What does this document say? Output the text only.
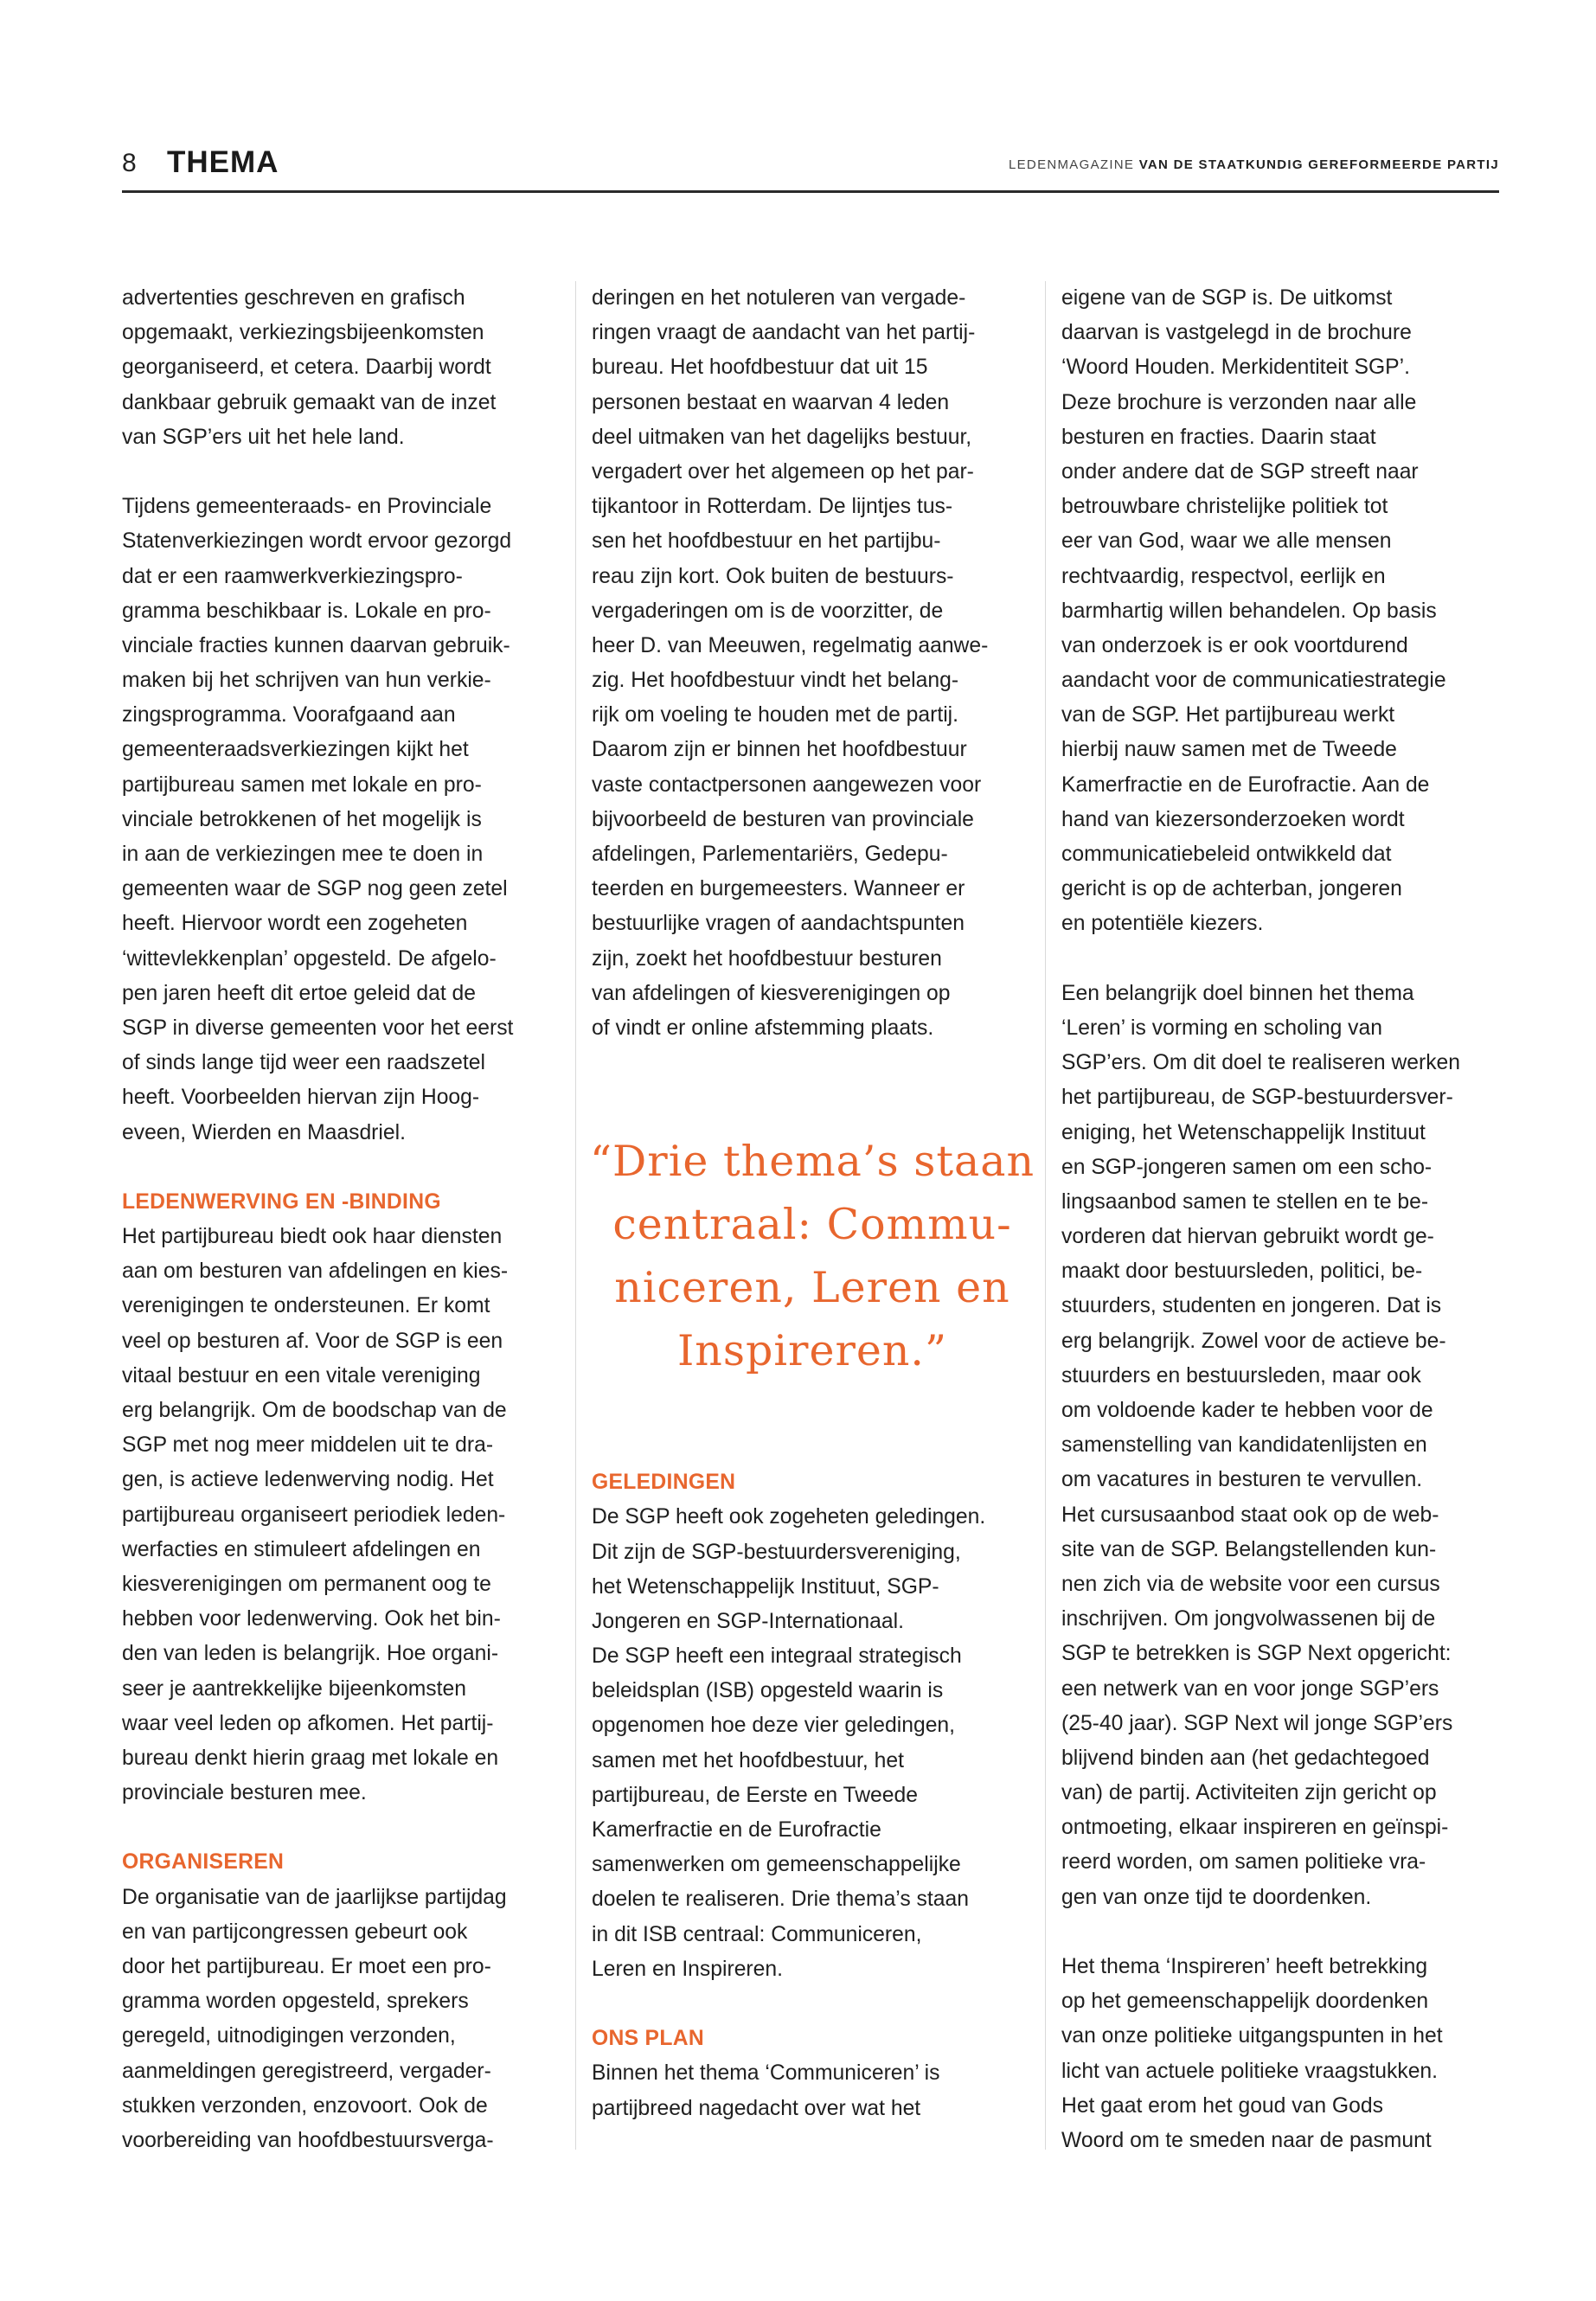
8 THEMA	LEDENMAGAZINE VAN DE STAATKUNDIG GEREFORMEERDE PARTIJ
advertenties geschreven en grafisch
opgemaakt, verkiezingsbijeenkomsten
georganiseerd, et cetera. Daarbij wordt
dankbaar gebruik gemaakt van de inzet
van SGP’ers uit het hele land.
Tijdens gemeenteraads- en Provinciale
Statenverkiezingen wordt ervoor gezorgd
dat er een raamwerkverkiezingspro-
gramma beschikbaar is. Lokale en pro-
vinciale fracties kunnen daarvan gebruik-
maken bij het schrijven van hun verkie-
zingsprogramma. Voorafgaand aan
gemeenteraadsverkiezingen kijkt het
partijbureau samen met lokale en pro-
vinciale betrokkenen of het mogelijk is
in aan de verkiezingen mee te doen in
gemeenten waar de SGP nog geen zetel
heeft. Hiervoor wordt een zogeheten
‘wittevlekkenplan’ opgesteld. De afgelo-
pen jaren heeft dit ertoe geleid dat de
SGP in diverse gemeenten voor het eerst
of sinds lange tijd weer een raadszetel
heeft. Voorbeelden hiervan zijn Hoog-
eveen, Wierden en Maasdriel.
LEDENWERVING EN -BINDING
Het partijbureau biedt ook haar diensten
aan om besturen van afdelingen en kies-
verenigingen te ondersteunen. Er komt
veel op besturen af. Voor de SGP is een
vitaal bestuur en een vitale vereniging
erg belangrijk. Om de boodschap van de
SGP met nog meer middelen uit te dra-
gen, is actieve ledenwerving nodig. Het
partijbureau organiseert periodiek leden-
werfacties en stimuleert afdelingen en
kiesverenigingen om permanent oog te
hebben voor ledenwerving. Ook het bin-
den van leden is belangrijk. Hoe organi-
seer je aantrekkelijke bijeenkomsten
waar veel leden op afkomen. Het partij-
bureau denkt hierin graag met lokale en
provinciale besturen mee.
ORGANISEREN
De organisatie van de jaarlijkse partijdag
en van partijcongressen gebeurt ook
door het partijbureau. Er moet een pro-
gramma worden opgesteld, sprekers
geregeld, uitnodigingen verzonden,
aanmeldingen geregistreerd, vergader-
stukken verzonden, enzovoort. Ook de
voorbereiding van hoofdbestuursverga-
deringen en het notuleren van vergade-
ringen vraagt de aandacht van het partij-
bureau. Het hoofdbestuur dat uit 15
personen bestaat en waarvan 4 leden
deel uitmaken van het dagelijks bestuur,
vergadert over het algemeen op het par-
tijkantoor in Rotterdam. De lijntjes tus-
sen het hoofdbestuur en het partijbu-
reau zijn kort. Ook buiten de bestuurs-
vergaderingen om is de voorzitter, de
heer D. van Meeuwen, regelmatig aanwe-
zig. Het hoofdbestuur vindt het belang-
rijk om voeling te houden met de partij.
Daarom zijn er binnen het hoofdbestuur
vaste contactpersonen aangewezen voor
bijvoorbeeld de besturen van provinciale
afdelingen, Parlementariërs, Gedepu-
teerden en burgemeesters. Wanneer er
bestuurlijke vragen of aandachtspunten
zijn, zoekt het hoofdbestuur besturen
van afdelingen of kiesverenigingen op
of vindt er online afstemming plaats.
“Drie thema’s staan
centraal: Commu-
niceren, Leren en
Inspireren.”
GELEDINGEN
De SGP heeft ook zogeheten geledingen.
Dit zijn de SGP-bestuurdersvereniging,
het Wetenschappelijk Instituut, SGP-
Jongeren en SGP-Internationaal.
De SGP heeft een integraal strategisch
beleidsplan (ISB) opgesteld waarin is
opgenomen hoe deze vier geledingen,
samen met het hoofdbestuur, het
partijbureau, de Eerste en Tweede
Kamerfractie en de Eurofractie
samenwerken om gemeenschappelijke
doelen te realiseren. Drie thema’s staan
in dit ISB centraal: Communiceren,
Leren en Inspireren.
ONS PLAN
Binnen het thema ‘Communiceren’ is
partijbreed nagedacht over wat het
eigene van de SGP is. De uitkomst
daarvan is vastgelegd in de brochure
‘Woord Houden. Merkidentiteit SGP’.
Deze brochure is verzonden naar alle
besturen en fracties. Daarin staat
onder andere dat de SGP streeft naar
betrouwbare christelijke politiek tot
eer van God, waar we alle mensen
rechtvaardig, respectvol, eerlijk en
barmhartig willen behandelen. Op basis
van onderzoek is er ook voortdurend
aandacht voor de communicatiestrategie
van de SGP. Het partijbureau werkt
hierbij nauw samen met de Tweede
Kamerfractie en de Eurofractie. Aan de
hand van kiezersonderzoeken wordt
communicatiebeleid ontwikkeld dat
gericht is op de achterban, jongeren
en potentiële kiezers.
Een belangrijk doel binnen het thema
‘Leren’ is vorming en scholing van
SGP’ers. Om dit doel te realiseren werken
het partijbureau, de SGP-bestuurdersver-
eniging, het Wetenschappelijk Instituut
en SGP-jongeren samen om een scho-
lingsaanbod samen te stellen en te be-
vorderen dat hiervan gebruikt wordt ge-
maakt door bestuursleden, politici, be-
stuurders, studenten en jongeren. Dat is
erg belangrijk. Zowel voor de actieve be-
stuurders en bestuursleden, maar ook
om voldoende kader te hebben voor de
samenstelling van kandidatenlijsten en
om vacatures in besturen te vervullen.
Het cursusaanbod staat ook op de web-
site van de SGP. Belangstellenden kun-
nen zich via de website voor een cursus
inschrijven. Om jongvolwassenen bij de
SGP te betrekken is SGP Next opgericht:
een netwerk van en voor jonge SGP’ers
(25-40 jaar). SGP Next wil jonge SGP’ers
blijvend binden aan (het gedachtegoed
van) de partij. Activiteiten zijn gericht op
ontmoeting, elkaar inspireren en geïnspi-
reerd worden, om samen politieke vra-
gen van onze tijd te doordenken.
Het thema ‘Inspireren’ heeft betrekking
op het gemeenschappelijk doordenken
van onze politieke uitgangspunten in het
licht van actuele politieke vraagstukken.
Het gaat erom het goud van Gods
Woord om te smeden naar de pasmunt
